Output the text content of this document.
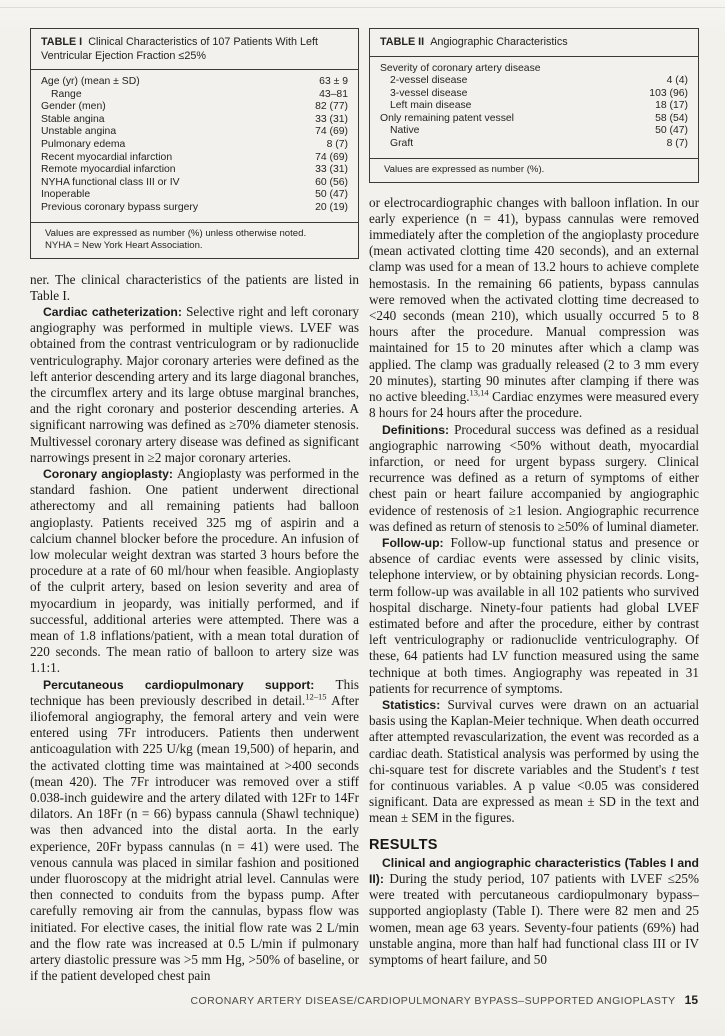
TABLE I Clinical Characteristics of 107 Patients With Left Ventricular Ejection Fraction ≤25%
Age (yr) (mean ± SD)	63 ± 9
Range	43–81
Gender (men)	82 (77)
Stable angina	33 (31)
Unstable angina	74 (69)
Pulmonary edema	8 (7)
Recent myocardial infarction	74 (69)
Remote myocardial infarction	33 (31)
NYHA functional class III or IV	60 (56)
Inoperable	50 (47)
Previous coronary bypass surgery	20 (19)
Values are expressed as number (%) unless otherwise noted.
NYHA = New York Heart Association.

ner. The clinical characteristics of the patients are listed in Table I.

Cardiac catheterization: Selective right and left coronary angiography was performed in multiple views. LVEF was obtained from the contrast ventriculogram or by radionuclide ventriculography. Major coronary arteries were defined as the left anterior descending artery and its large diagonal branches, the circumflex artery and its large obtuse marginal branches, and the right coronary and posterior descending arteries. A significant narrowing was defined as ≥70% diameter stenosis. Multivessel coronary artery disease was defined as significant narrowings present in ≥2 major coronary arteries.

Coronary angioplasty: Angioplasty was performed in the standard fashion. One patient underwent directional atherectomy and all remaining patients had balloon angioplasty. Patients received 325 mg of aspirin and a calcium channel blocker before the procedure. An infusion of low molecular weight dextran was started 3 hours before the procedure at a rate of 60 ml/hour when feasible. Angioplasty of the culprit artery, based on lesion severity and area of myocardium in jeopardy, was initially performed, and if successful, additional arteries were attempted. There was a mean of 1.8 inflations/patient, with a mean total duration of 220 seconds. The mean ratio of balloon to artery size was 1.1:1.

Percutaneous cardiopulmonary support: This technique has been previously described in detail.$^{12-15}$ After iliofemoral angiography, the femoral artery and vein were entered using 7Fr introducers. Patients then underwent anticoagulation with 225 U/kg (mean 19,500) of heparin, and the activated clotting time was maintained at >400 seconds (mean 420). The 7Fr introducer was removed over a stiff 0.038-inch guidewire and the artery dilated with 12Fr to 14Fr dilators. An 18Fr (n = 66) bypass cannula (Shawl technique) was then advanced into the distal aorta. In the early experience, 20Fr bypass cannulas (n = 41) were used. The venous cannula was placed in similar fashion and positioned under fluoroscopy at the midright atrial level. Cannulas were then connected to conduits from the bypass pump. After carefully removing air from the cannulas, bypass flow was initiated. For elective cases, the initial flow rate was 2 L/min and the flow rate was increased at 0.5 L/min if pulmonary artery diastolic pressure was >5 mm Hg, >50% of baseline, or if the patient developed chest pain

TABLE II Angiographic Characteristics
Severity of coronary artery disease
2-vessel disease	4 (4)
3-vessel disease	103 (96)
Left main disease	18 (17)
Only remaining patent vessel	58 (54)
Native	50 (47)
Graft	8 (7)
Values are expressed as number (%).

or electrocardiographic changes with balloon inflation. In our early experience (n = 41), bypass cannulas were removed immediately after the completion of the angioplasty procedure (mean activated clotting time 420 seconds), and an external clamp was used for a mean of 13.2 hours to achieve complete hemostasis. In the remaining 66 patients, bypass cannulas were removed when the activated clotting time decreased to <240 seconds (mean 210), which usually occurred 5 to 8 hours after the procedure. Manual compression was maintained for 15 to 20 minutes after which a clamp was applied. The clamp was gradually released (2 to 3 mm every 20 minutes), starting 90 minutes after clamping if there was no active bleeding.$^{13,14}$ Cardiac enzymes were measured every 8 hours for 24 hours after the procedure.

Definitions: Procedural success was defined as a residual angiographic narrowing <50% without death, myocardial infarction, or need for urgent bypass surgery. Clinical recurrence was defined as a return of symptoms of either chest pain or heart failure accompanied by angiographic evidence of restenosis of ≥1 lesion. Angiographic recurrence was defined as return of stenosis to ≥50% of luminal diameter.

Follow-up: Follow-up functional status and presence or absence of cardiac events were assessed by clinic visits, telephone interview, or by obtaining physician records. Long-term follow-up was available in all 102 patients who survived hospital discharge. Ninety-four patients had global LVEF estimated before and after the procedure, either by contrast left ventriculography or radionuclide ventriculography. Of these, 64 patients had LV function measured using the same technique at both times. Angiography was repeated in 31 patients for recurrence of symptoms.

Statistics: Survival curves were drawn on an actuarial basis using the Kaplan-Meier technique. When death occurred after attempted revascularization, the event was recorded as a cardiac death. Statistical analysis was performed by using the chi-square test for discrete variables and the Student's t test for continuous variables. A p value <0.05 was considered significant. Data are expressed as mean ± SD in the text and mean ± SEM in the figures.

RESULTS

Clinical and angiographic characteristics (Tables I and II): During the study period, 107 patients with LVEF ≤25% were treated with percutaneous cardiopulmonary bypass–supported angioplasty (Table I). There were 82 men and 25 women, mean age 63 years. Seventy-four patients (69%) had unstable angina, more than half had functional class III or IV symptoms of heart failure, and 50

CORONARY ARTERY DISEASE/CARDIOPULMONARY BYPASS–SUPPORTED ANGIOPLASTY 15
